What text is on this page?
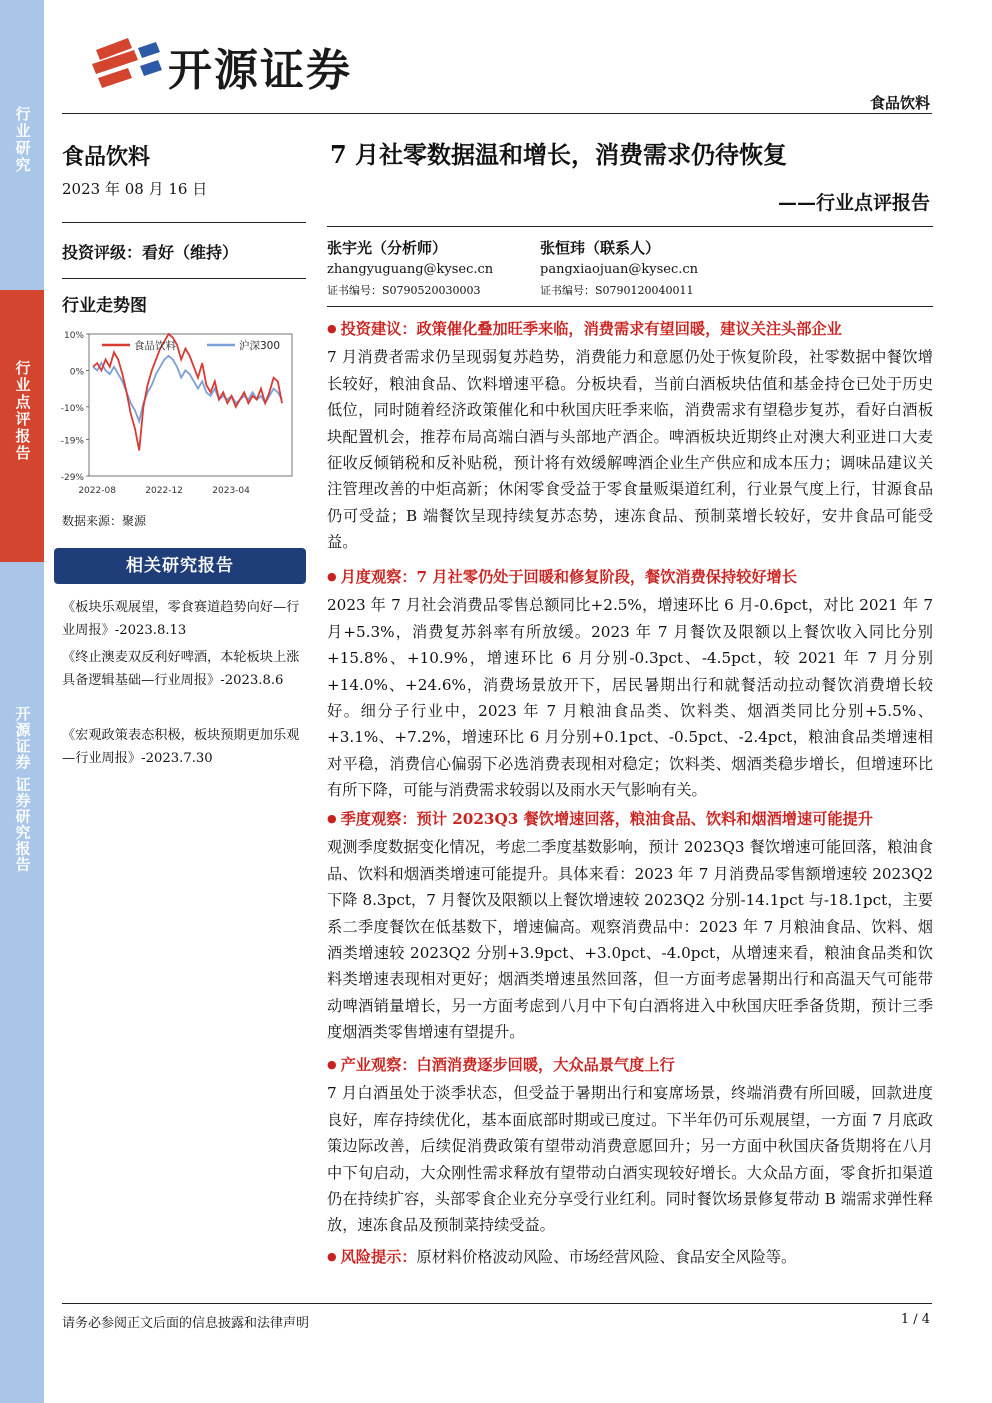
行业研究
行业点评报告
开源证券 证券研究报告
开源证券
食品饮料
食品饮料
2023 年 08 月 16 日
投资评级：看好（维持）
行业走势图
10%
0%
-10%
-19%
-29%
2022-08	2022-12	2023-04
食品饮料	沪深300
数据来源：聚源
相关研究报告
《板块乐观展望，零食赛道趋势向好—行业周报》-2023.8.13
《终止澳麦双反利好啤酒，本轮板块上涨具备逻辑基础—行业周报》-2023.8.6
《宏观政策表态积极，板块预期更加乐观—行业周报》-2023.7.30
7 月社零数据温和增长，消费需求仍待恢复
——行业点评报告
张宇光（分析师）
zhangyuguang@kysec.cn
证书编号：S0790520030003
张恒玮（联系人）
pangxiaojuan@kysec.cn
证书编号：S0790120040011
● 投资建议：政策催化叠加旺季来临，消费需求有望回暖，建议关注头部企业
7 月消费者需求仍呈现弱复苏趋势，消费能力和意愿仍处于恢复阶段，社零数据中餐饮增长较好，粮油食品、饮料增速平稳。分板块看，当前白酒板块估值和基金持仓已处于历史低位，同时随着经济政策催化和中秋国庆旺季来临，消费需求有望稳步复苏，看好白酒板块配置机会，推荐布局高端白酒与头部地产酒企。啤酒板块近期终止对澳大利亚进口大麦征收反倾销税和反补贴税，预计将有效缓解啤酒企业生产供应和成本压力；调味品建议关注管理改善的中炬高新；休闲零食受益于零食量贩渠道红利，行业景气度上行，甘源食品仍可受益；B 端餐饮呈现持续复苏态势，速冻食品、预制菜增长较好，安井食品可能受益。
● 月度观察：7 月社零仍处于回暖和修复阶段，餐饮消费保持较好增长
2023 年 7 月社会消费品零售总额同比+2.5%，增速环比 6 月-0.6pct，对比 2021 年 7 月+5.3%，消费复苏斜率有所放缓。2023 年 7 月餐饮及限额以上餐饮收入同比分别+15.8%、+10.9%，增速环比 6 月分别-0.3pct、-4.5pct，较 2021 年 7 月分别+14.0%、+24.6%，消费场景放开下，居民暑期出行和就餐活动拉动餐饮消费增长较好。细分子行业中，2023 年 7 月粮油食品类、饮料类、烟酒类同比分别+5.5%、+3.1%、+7.2%，增速环比 6 月分别+0.1pct、-0.5pct、-2.4pct，粮油食品类增速相对平稳，消费信心偏弱下必选消费表现相对稳定；饮料类、烟酒类稳步增长，但增速环比有所下降，可能与消费需求较弱以及雨水天气影响有关。
● 季度观察：预计 2023Q3 餐饮增速回落，粮油食品、饮料和烟酒增速可能提升
观测季度数据变化情况，考虑二季度基数影响，预计 2023Q3 餐饮增速可能回落，粮油食品、饮料和烟酒类增速可能提升。具体来看：2023 年 7 月消费品零售额增速较 2023Q2 下降 8.3pct，7 月餐饮及限额以上餐饮增速较 2023Q2 分别-14.1pct 与-18.1pct，主要系二季度餐饮在低基数下，增速偏高。观察消费品中：2023 年 7 月粮油食品、饮料、烟酒类增速较 2023Q2 分别+3.9pct、+3.0pct、-4.0pct，从增速来看，粮油食品类和饮料类增速表现相对更好；烟酒类增速虽然回落，但一方面考虑暑期出行和高温天气可能带动啤酒销量增长，另一方面考虑到八月中下旬白酒将进入中秋国庆旺季备货期，预计三季度烟酒类零售增速有望提升。
● 产业观察：白酒消费逐步回暖，大众品景气度上行
7 月白酒虽处于淡季状态，但受益于暑期出行和宴席场景，终端消费有所回暖，回款进度良好，库存持续优化，基本面底部时期或已度过。下半年仍可乐观展望，一方面 7 月底政策边际改善，后续促消费政策有望带动消费意愿回升；另一方面中秋国庆备货期将在八月中下旬启动，大众刚性需求释放有望带动白酒实现较好增长。大众品方面，零食折扣渠道仍在持续扩容，头部零食企业充分享受行业红利。同时餐饮场景修复带动 B 端需求弹性释放，速冻食品及预制菜持续受益。
● 风险提示：原材料价格波动风险、市场经营风险、食品安全风险等。
请务必参阅正文后面的信息披露和法律声明	1 / 4
